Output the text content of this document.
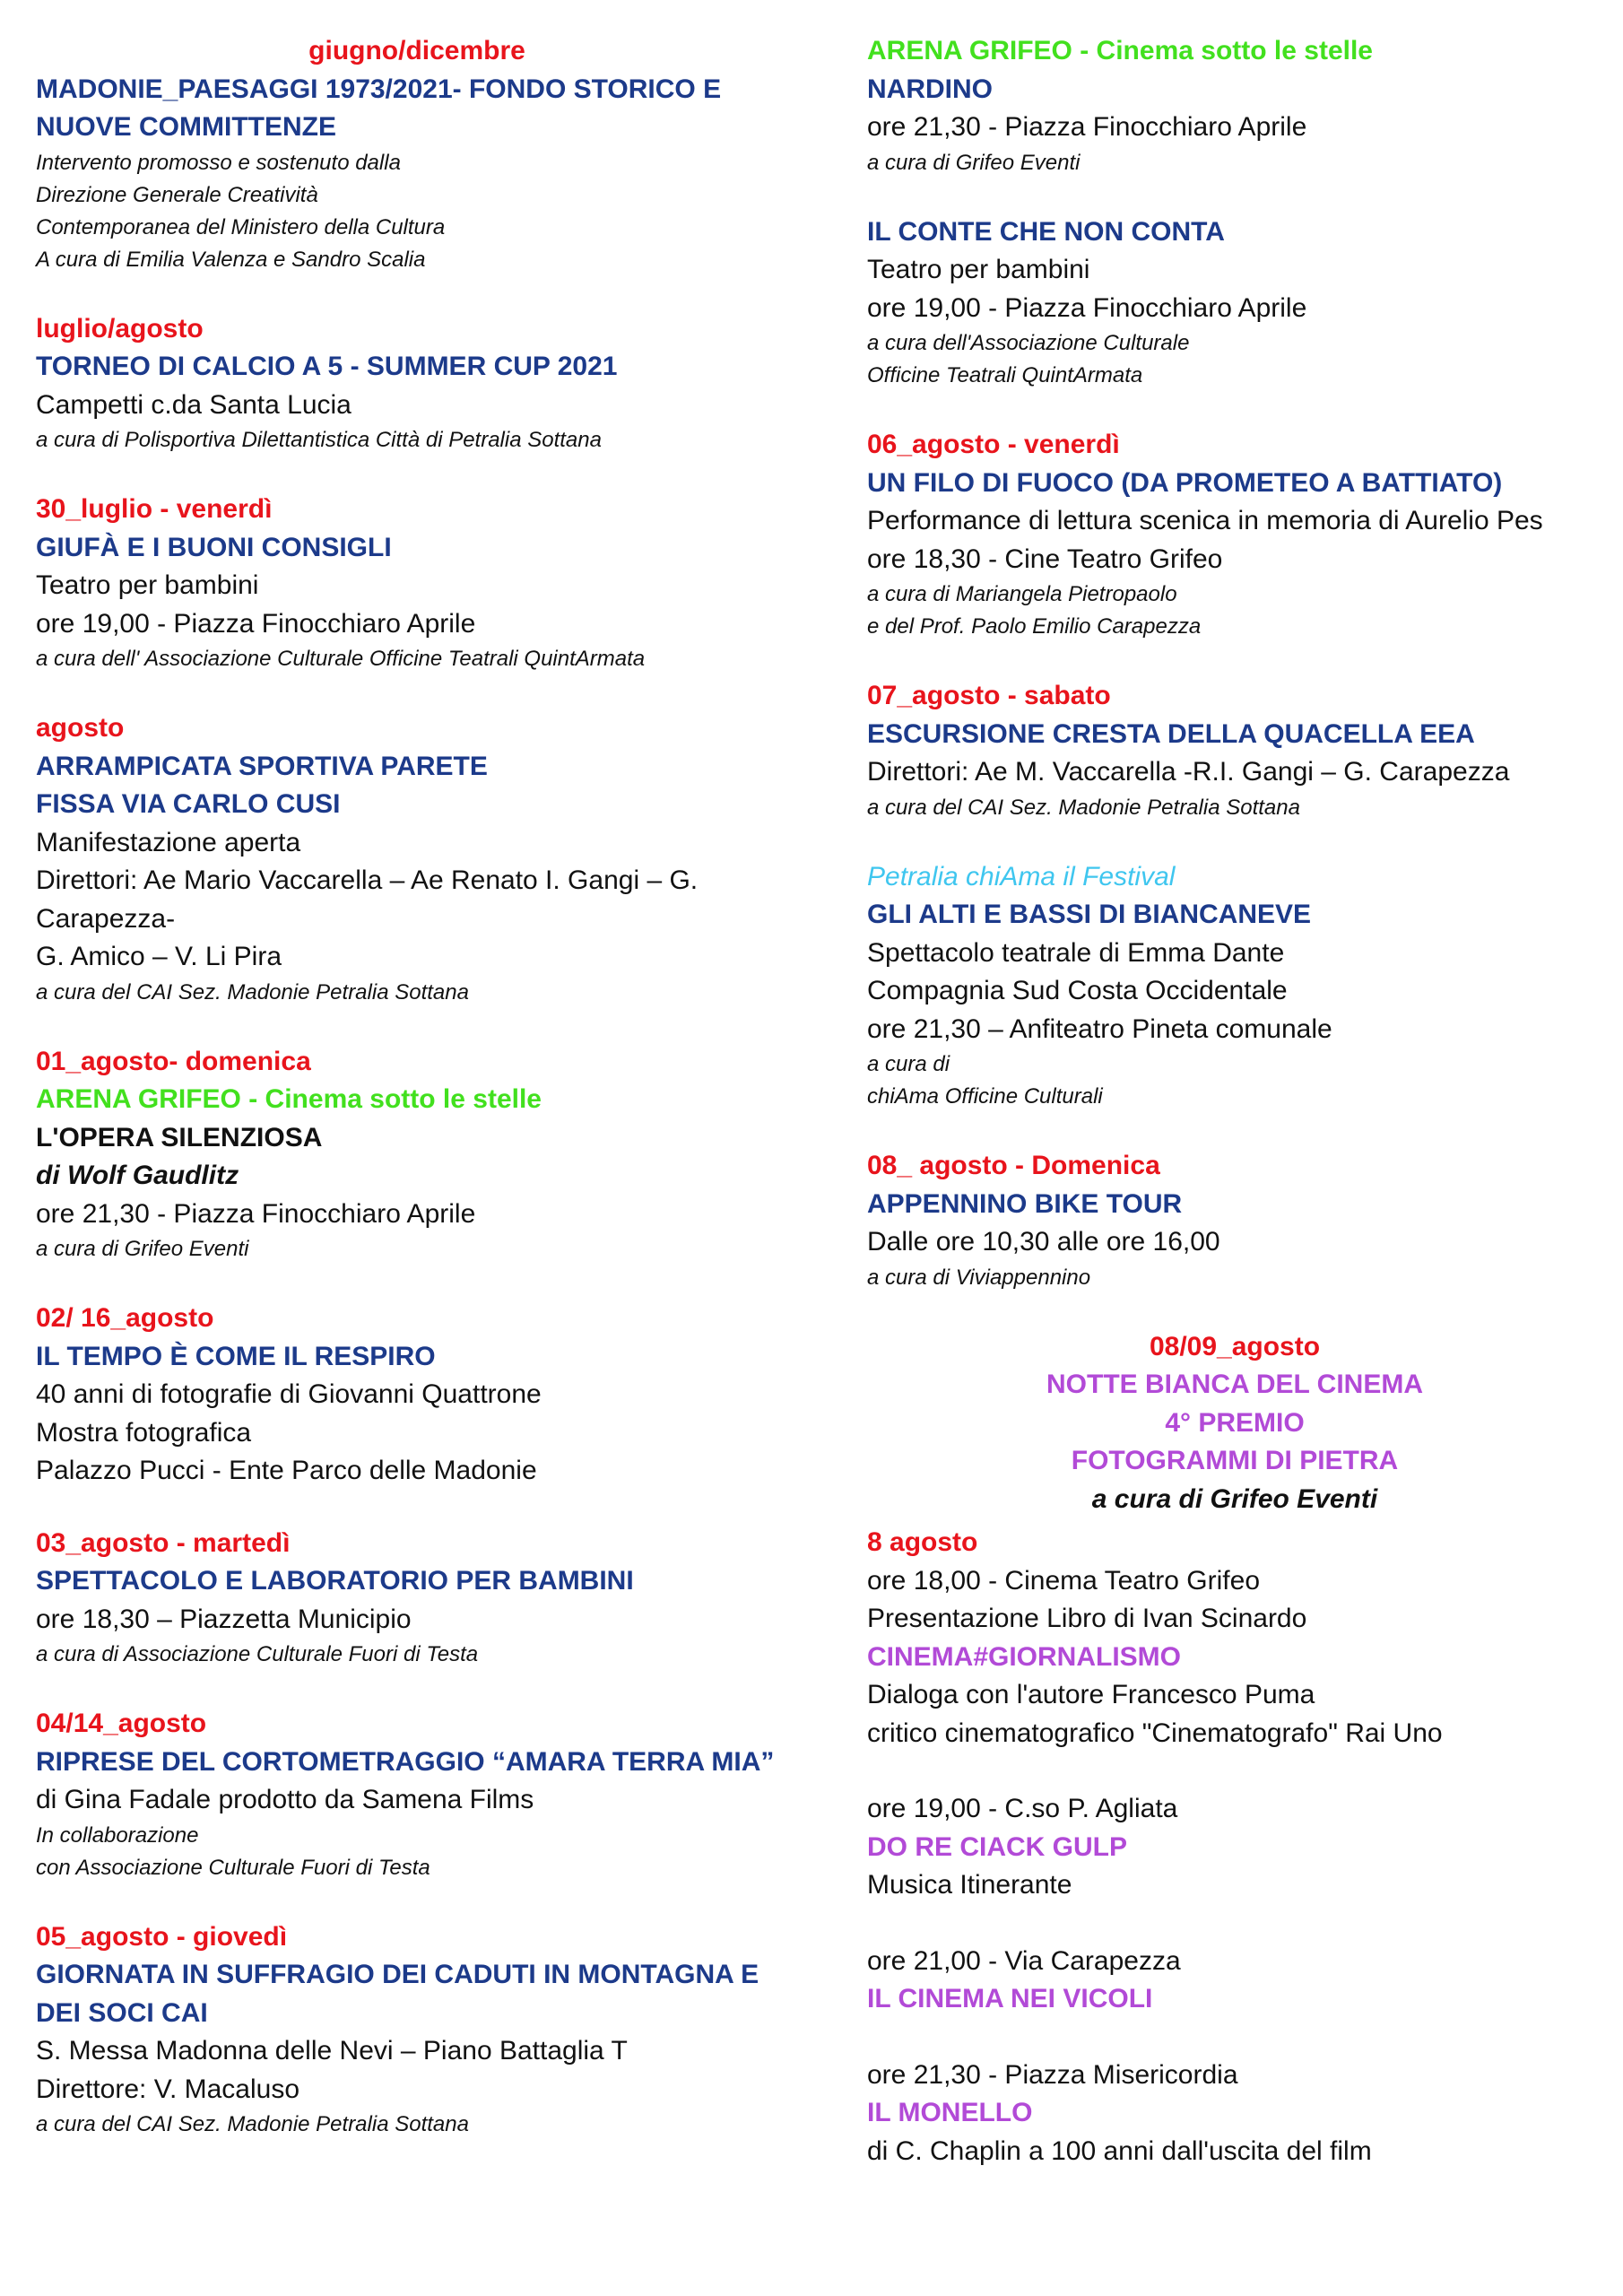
giugno/dicembre
MADONIE_PAESAGGI 1973/2021- FONDO STORICO E
NUOVE COMMITTENZE
Intervento promosso e sostenuto dalla
Direzione Generale Creatività
Contemporanea del Ministero della Cultura
A cura di Emilia Valenza e Sandro Scalia
luglio/agosto
TORNEO DI CALCIO A 5 - SUMMER CUP 2021
Campetti c.da Santa Lucia
a cura di Polisportiva Dilettantistica Città di Petralia Sottana
30_luglio - venerdì
GIUFÀ E I BUONI CONSIGLI
Teatro per bambini
ore 19,00 - Piazza Finocchiaro Aprile
a cura dell' Associazione Culturale Officine Teatrali QuintArmata
agosto
ARRAMPICATA SPORTIVA PARETE
FISSA VIA CARLO CUSI
Manifestazione aperta
Direttori: Ae Mario Vaccarella – Ae Renato I. Gangi – G.
Carapezza-
G. Amico – V. Li Pira
a cura del CAI Sez. Madonie Petralia Sottana
01_agosto- domenica
ARENA GRIFEO - Cinema sotto le stelle
L'OPERA SILENZIOSA
di Wolf Gaudlitz
ore 21,30 - Piazza Finocchiaro Aprile
a cura di Grifeo Eventi
02/ 16_agosto
IL TEMPO È COME IL RESPIRO
40 anni di fotografie di Giovanni Quattrone
Mostra fotografica
Palazzo Pucci - Ente Parco delle Madonie
03_agosto - martedì
SPETTACOLO E LABORATORIO PER BAMBINI
ore 18,30 – Piazzetta Municipio
a cura di Associazione Culturale Fuori di Testa
04/14_agosto
RIPRESE DEL CORTOMETRAGGIO “AMARA TERRA MIA”
di Gina Fadale prodotto da Samena Films
In collaborazione
con Associazione Culturale Fuori di Testa
05_agosto - giovedì
GIORNATA IN SUFFRAGIO DEI CADUTI IN MONTAGNA E
DEI SOCI CAI
S. Messa Madonna delle Nevi – Piano Battaglia T
Direttore: V. Macaluso
a cura del CAI Sez. Madonie Petralia Sottana
ARENA GRIFEO - Cinema sotto le stelle
NARDINO
ore 21,30 - Piazza Finocchiaro Aprile
a cura di Grifeo Eventi
IL CONTE CHE NON CONTA
Teatro per bambini
ore 19,00 - Piazza Finocchiaro Aprile
a cura dell'Associazione Culturale
Officine Teatrali QuintArmata
06_agosto - venerdì
UN FILO DI FUOCO (DA PROMETEO A BATTIATO)
Performance di lettura scenica in memoria di Aurelio Pes
ore 18,30 - Cine Teatro Grifeo
a cura di Mariangela Pietropaolo
e del Prof. Paolo Emilio Carapezza
07_agosto - sabato
ESCURSIONE CRESTA DELLA QUACELLA EEA
Direttori: Ae M. Vaccarella -R.I. Gangi – G. Carapezza
a cura del CAI Sez. Madonie Petralia Sottana
Petralia chiAma il Festival
GLI ALTI E BASSI DI BIANCANEVE
Spettacolo teatrale di Emma Dante
Compagnia Sud Costa Occidentale
ore 21,30 – Anfiteatro Pineta comunale
a cura di
chiAma Officine Culturali
08_ agosto - Domenica
APPENNINO BIKE TOUR
Dalle ore 10,30 alle ore 16,00
a cura di Viviappennino
08/09_agosto
NOTTE BIANCA DEL CINEMA
4° PREMIO
FOTOGRAMMI DI PIETRA
a cura di Grifeo Eventi
8 agosto
ore 18,00 - Cinema Teatro Grifeo
Presentazione Libro di Ivan Scinardo
CINEMA#GIORNALISMO
Dialoga con l'autore Francesco Puma
critico cinematografico "Cinematografo" Rai Uno
ore 19,00 - C.so P. Agliata
DO RE CIACK GULP
Musica Itinerante
ore 21,00 - Via Carapezza
IL CINEMA NEI VICOLI
ore 21,30 - Piazza Misericordia
IL MONELLO
di C. Chaplin a 100 anni dall'uscita del film
